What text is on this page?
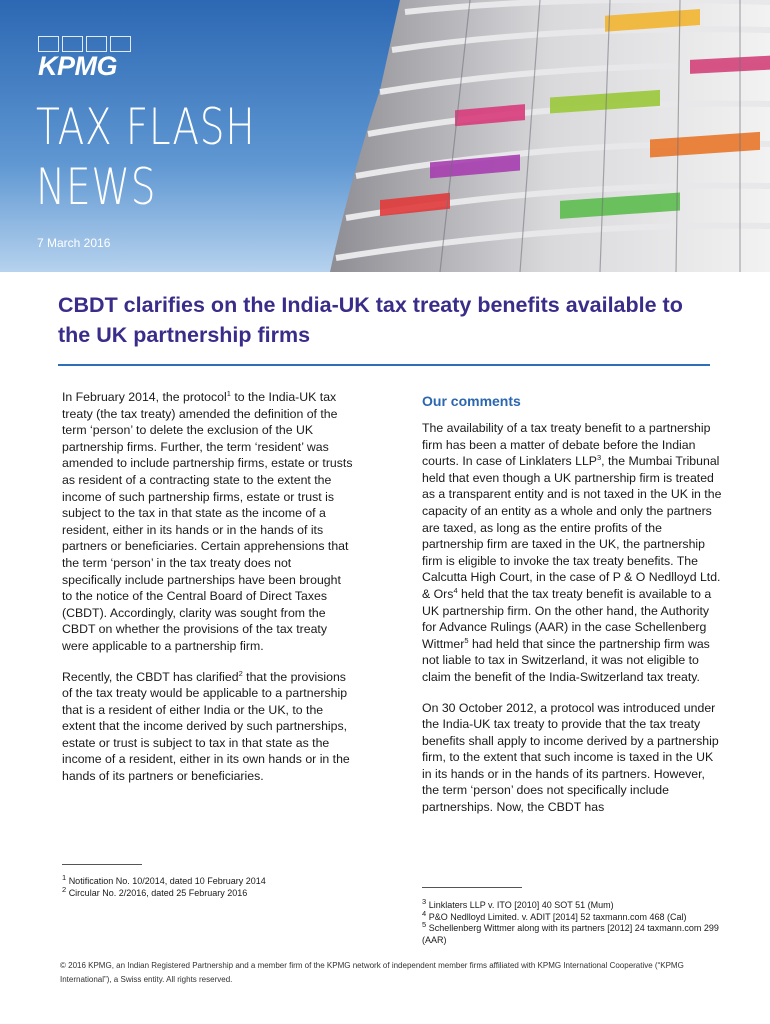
KPMG
TAX FLASH
NEWS
7 March 2016
CBDT clarifies on the India-UK tax treaty benefits available to the UK partnership firms

In February 2014, the protocol$^1$ to the India-UK tax treaty (the tax treaty) amended the definition of the term ‘person’ to delete the exclusion of the UK partnership firms. Further, the term ‘resident’ was amended to include partnership firms, estate or trusts as resident of a contracting state to the extent the income of such partnership firms, estate or trust is subject to the tax in that state as the income of a resident, either in its hands or in the hands of its partners or beneficiaries. Certain apprehensions that the term ‘person’ in the tax treaty does not specifically include partnerships have been brought to the notice of the Central Board of Direct Taxes (CBDT). Accordingly, clarity was sought from the CBDT on whether the provisions of the tax treaty were applicable to a partnership firm.

Recently, the CBDT has clarified$^2$ that the provisions of the tax treaty would be applicable to a partnership that is a resident of either India or the UK, to the extent that the income derived by such partnerships, estate or trust is subject to tax in that state as the income of a resident, either in its own hands or in the hands of its partners or beneficiaries.

Our comments

The availability of a tax treaty benefit to a partnership firm has been a matter of debate before the Indian courts. In case of Linklaters LLP$^3$, the Mumbai Tribunal held that even though a UK partnership firm is treated as a transparent entity and is not taxed in the UK in the capacity of an entity as a whole and only the partners are taxed, as long as the entire profits of the partnership firm are taxed in the UK, the partnership firm is eligible to invoke the tax treaty benefits. The Calcutta High Court, in the case of P & O Nedlloyd Ltd. & Ors$^4$ held that the tax treaty benefit is available to a UK partnership firm. On the other hand, the Authority for Advance Rulings (AAR) in the case Schellenberg Wittmer$^5$ had held that since the partnership firm was not liable to tax in Switzerland, it was not eligible to claim the benefit of the India-Switzerland tax treaty.

On 30 October 2012, a protocol was introduced under the India-UK tax treaty to provide that the tax treaty benefits shall apply to income derived by a partnership firm, to the extent that such income is taxed in the UK in its hands or in the hands of its partners. However, the term ‘person’ does not specifically include partnerships. Now, the CBDT has

$^1$ Notification No. 10/2014, dated 10 February 2014
$^2$ Circular No. 2/2016, dated 25 February 2016
$^3$ Linklaters LLP v. ITO [2010] 40 SOT 51 (Mum)
$^4$ P&O Nedlloyd Limited. v. ADIT [2014] 52 taxmann.com 468 (Cal)
$^5$ Schellenberg Wittmer along with its partners [2012] 24 taxmann.com 299 (AAR)
© 2016 KPMG, an Indian Registered Partnership and a member firm of the KPMG network of independent member firms affiliated with KPMG International Cooperative (“KPMG International”), a Swiss entity. All rights reserved.
